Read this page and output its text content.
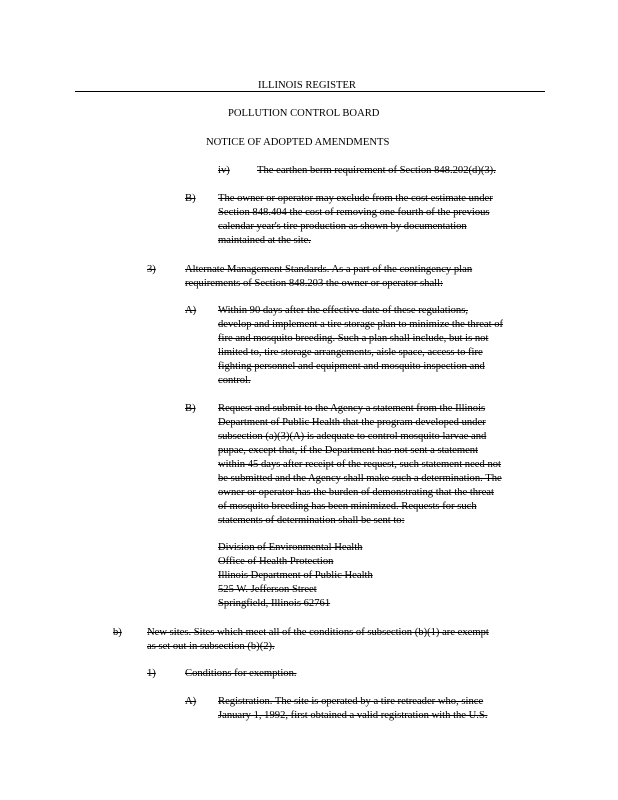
ILLINOIS REGISTER
POLLUTION CONTROL BOARD
NOTICE OF ADOPTED AMENDMENTS
iv)	The earthen berm requirement of Section 848.202(d)(3).
B) The owner or operator may exclude from the cost estimate under
Section 848.404 the cost of removing one fourth of the previous
calendar year's tire production as shown by documentation
maintained at the site.
3)	Alternate Management Standards. As a part of the contingency plan
requirements of Section 848.203 the owner or operator shall:
A) Within 90 days after the effective date of these regulations,
develop and implement a tire storage plan to minimize the threat of
fire and mosquito breeding. Such a plan shall include, but is not
limited to, tire storage arrangements, aisle space, access to fire
fighting personnel and equipment and mosquito inspection and
control.
B) Request and submit to the Agency a statement from the Illinois
Department of Public Health that the program developed under
subsection (a)(3)(A) is adequate to control mosquito larvae and
pupae, except that, if the Department has not sent a statement
within 45 days after receipt of the request, such statement need not
be submitted and the Agency shall make such a determination. The
owner or operator has the burden of demonstrating that the threat
of mosquito breeding has been minimized. Requests for such
statements of determination shall be sent to:
Division of Environmental Health
Office of Health Protection
Illinois Department of Public Health
525 W. Jefferson Street
Springfield, Illinois 62761
b) New sites. Sites which meet all of the conditions of subsection (b)(1) are exempt
as set out in subsection (b)(2).
1)	Conditions for exemption.
A) Registration. The site is operated by a tire retreader who, since
January 1, 1992, first obtained a valid registration with the U.S.
